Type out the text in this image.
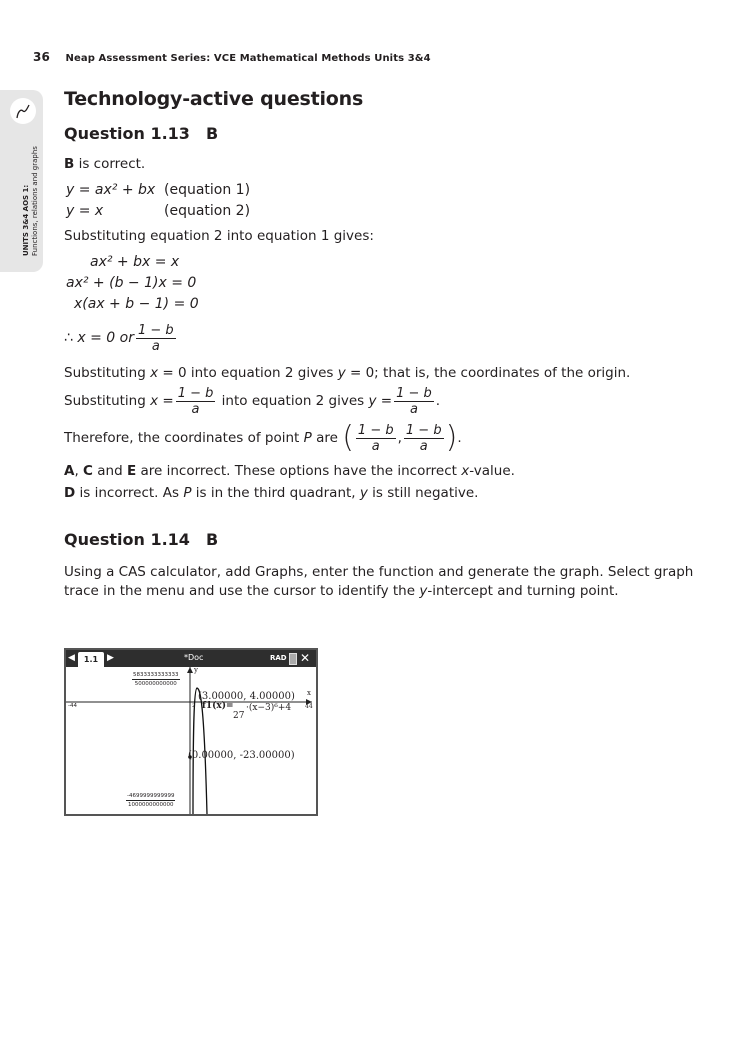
36 Neap Assessment Series: VCE Mathematical Methods Units 3&4
UNITS 3&4 AOS 1: Functions, relations and graphs
Technology-active questions
Question 1.13 B

B is correct.

y = ax² + bx (equation 1)
y = x	(equation 2)

Substituting equation 2 into equation 1 gives:

ax² + bx = x
ax² + (b − 1)x = 0
x(ax + b − 1) = 0
∴ x = 0 or $\frac{1 - b}{a}$

Substituting x = 0 into equation 2 gives y = 0; that is, the coordinates of the origin.

Substituting $x = \frac{1 - b}{a}$ into equation 2 gives $y = \frac{1 - b}{a}$ .

Therefore, the coordinates of point P are ( $\frac{1 - b}{a}$ , $\frac{1 - b}{a}$ ).

A, C and E are incorrect. These options have the incorrect x-value.

D is incorrect. As P is in the third quadrant, y is still negative.

Question 1.14 B

Using a CAS calculator, add Graphs, enter the function and generate the graph. Select graph trace in the menu and use the cursor to identify the y-intercept and turning point.

◀	1.1 ▶	*Doc	RAD ✕
$\frac{5833333333333}{500000000000}$
-44	44
x
y
2
(3.00000, 4.00000)
f1(x)=
27
·(x−3)⁶+4
(0.00000, -23.00000)
$\frac{-4699999999999}{1000000000000}$
